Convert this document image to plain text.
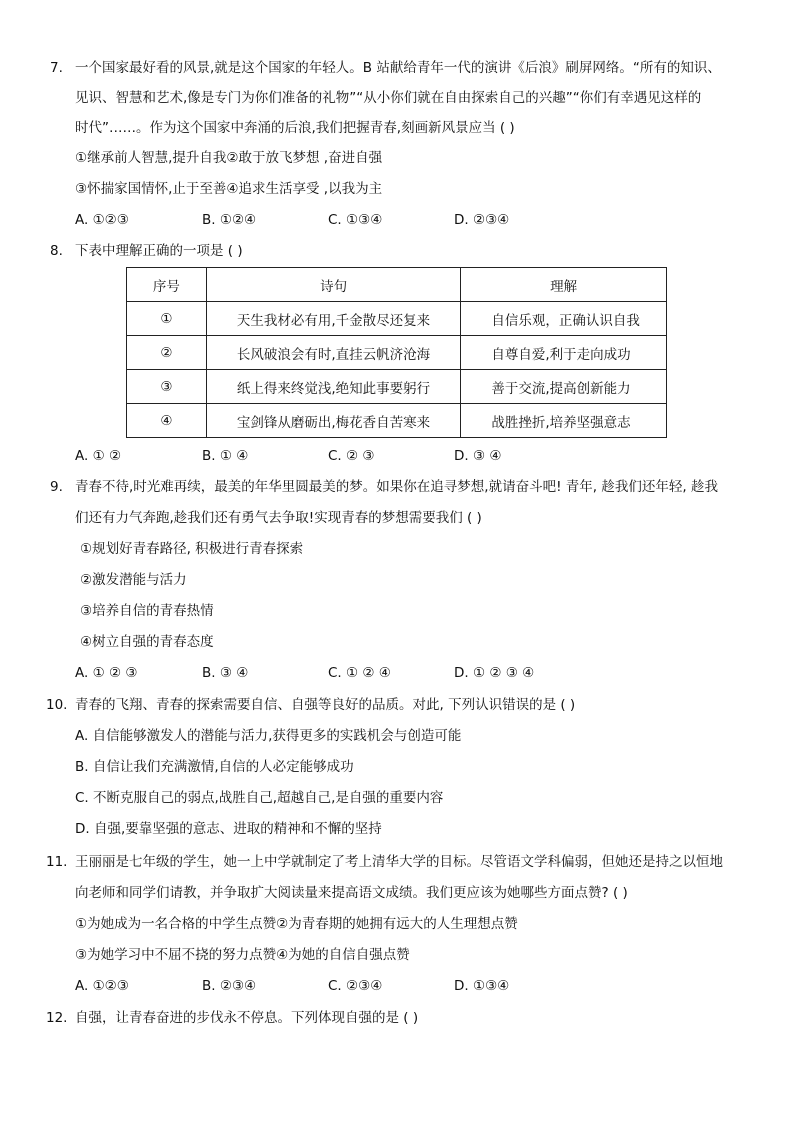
7. 一个国家最好看的风景,就是这个国家的年轻人。B 站献给青年一代的演讲《后浪》刷屏网络。“所有的知识、
见识、智慧和艺术,像是专门为你们准备的礼物”“从小你们就在自由探索自己的兴趣”“你们有幸遇见这样的
时代”……。作为这个国家中奔涌的后浪,我们把握青春,刻画新风景应当 ( )
①继承前人智慧,提升自我②敢于放飞梦想 ,奋进自强
③怀揣家国情怀,止于至善④追求生活享受 ,以我为主
A. ①②③	B. ①②④	C. ①③④	D. ②③④
8. 下表中理解正确的一项是 ( )
序号	诗句	理解
①	天生我材必有用,千金散尽还复来	自信乐观，正确认识自我
②	长风破浪会有时,直挂云帆济沧海	自尊自爱,利于走向成功
③	纸上得来终觉浅,绝知此事要躬行	善于交流,提高创新能力
④	宝剑锋从磨砺出,梅花香自苦寒来	战胜挫折,培养坚强意志
A. ① ②	B. ① ④	C. ② ③	D. ③ ④
9. 青春不待,时光难再续，最美的年华里圆最美的梦。如果你在追寻梦想,就请奋斗吧! 青年, 趁我们还年轻, 趁我
们还有力气奔跑,趁我们还有勇气去争取!实现青春的梦想需要我们 ( )
①规划好青春路径, 积极进行青春探索
②激发潜能与活力
③培养自信的青春热情
④树立自强的青春态度
A. ① ② ③	B. ③ ④	C. ① ② ④	D. ① ② ③ ④
10. 青春的飞翔、青春的探索需要自信、自强等良好的品质。对此, 下列认识错误的是 ( )
A. 自信能够激发人的潜能与活力,获得更多的实践机会与创造可能
B. 自信让我们充满激情,自信的人必定能够成功
C. 不断克服自己的弱点,战胜自己,超越自己,是自强的重要内容
D. 自强,要靠坚强的意志、进取的精神和不懈的坚持
11. 王丽丽是七年级的学生，她一上中学就制定了考上清华大学的目标。尽管语文学科偏弱，但她还是持之以恒地
向老师和同学们请教，并争取扩大阅读量来提高语文成绩。我们更应该为她哪些方面点赞? ( )
①为她成为一名合格的中学生点赞②为青春期的她拥有远大的人生理想点赞
③为她学习中不屈不挠的努力点赞④为她的自信自强点赞
A. ①②③	B. ②③④	C. ②③④	D. ①③④
12. 自强，让青春奋进的步伐永不停息。下列体现自强的是 ( )
